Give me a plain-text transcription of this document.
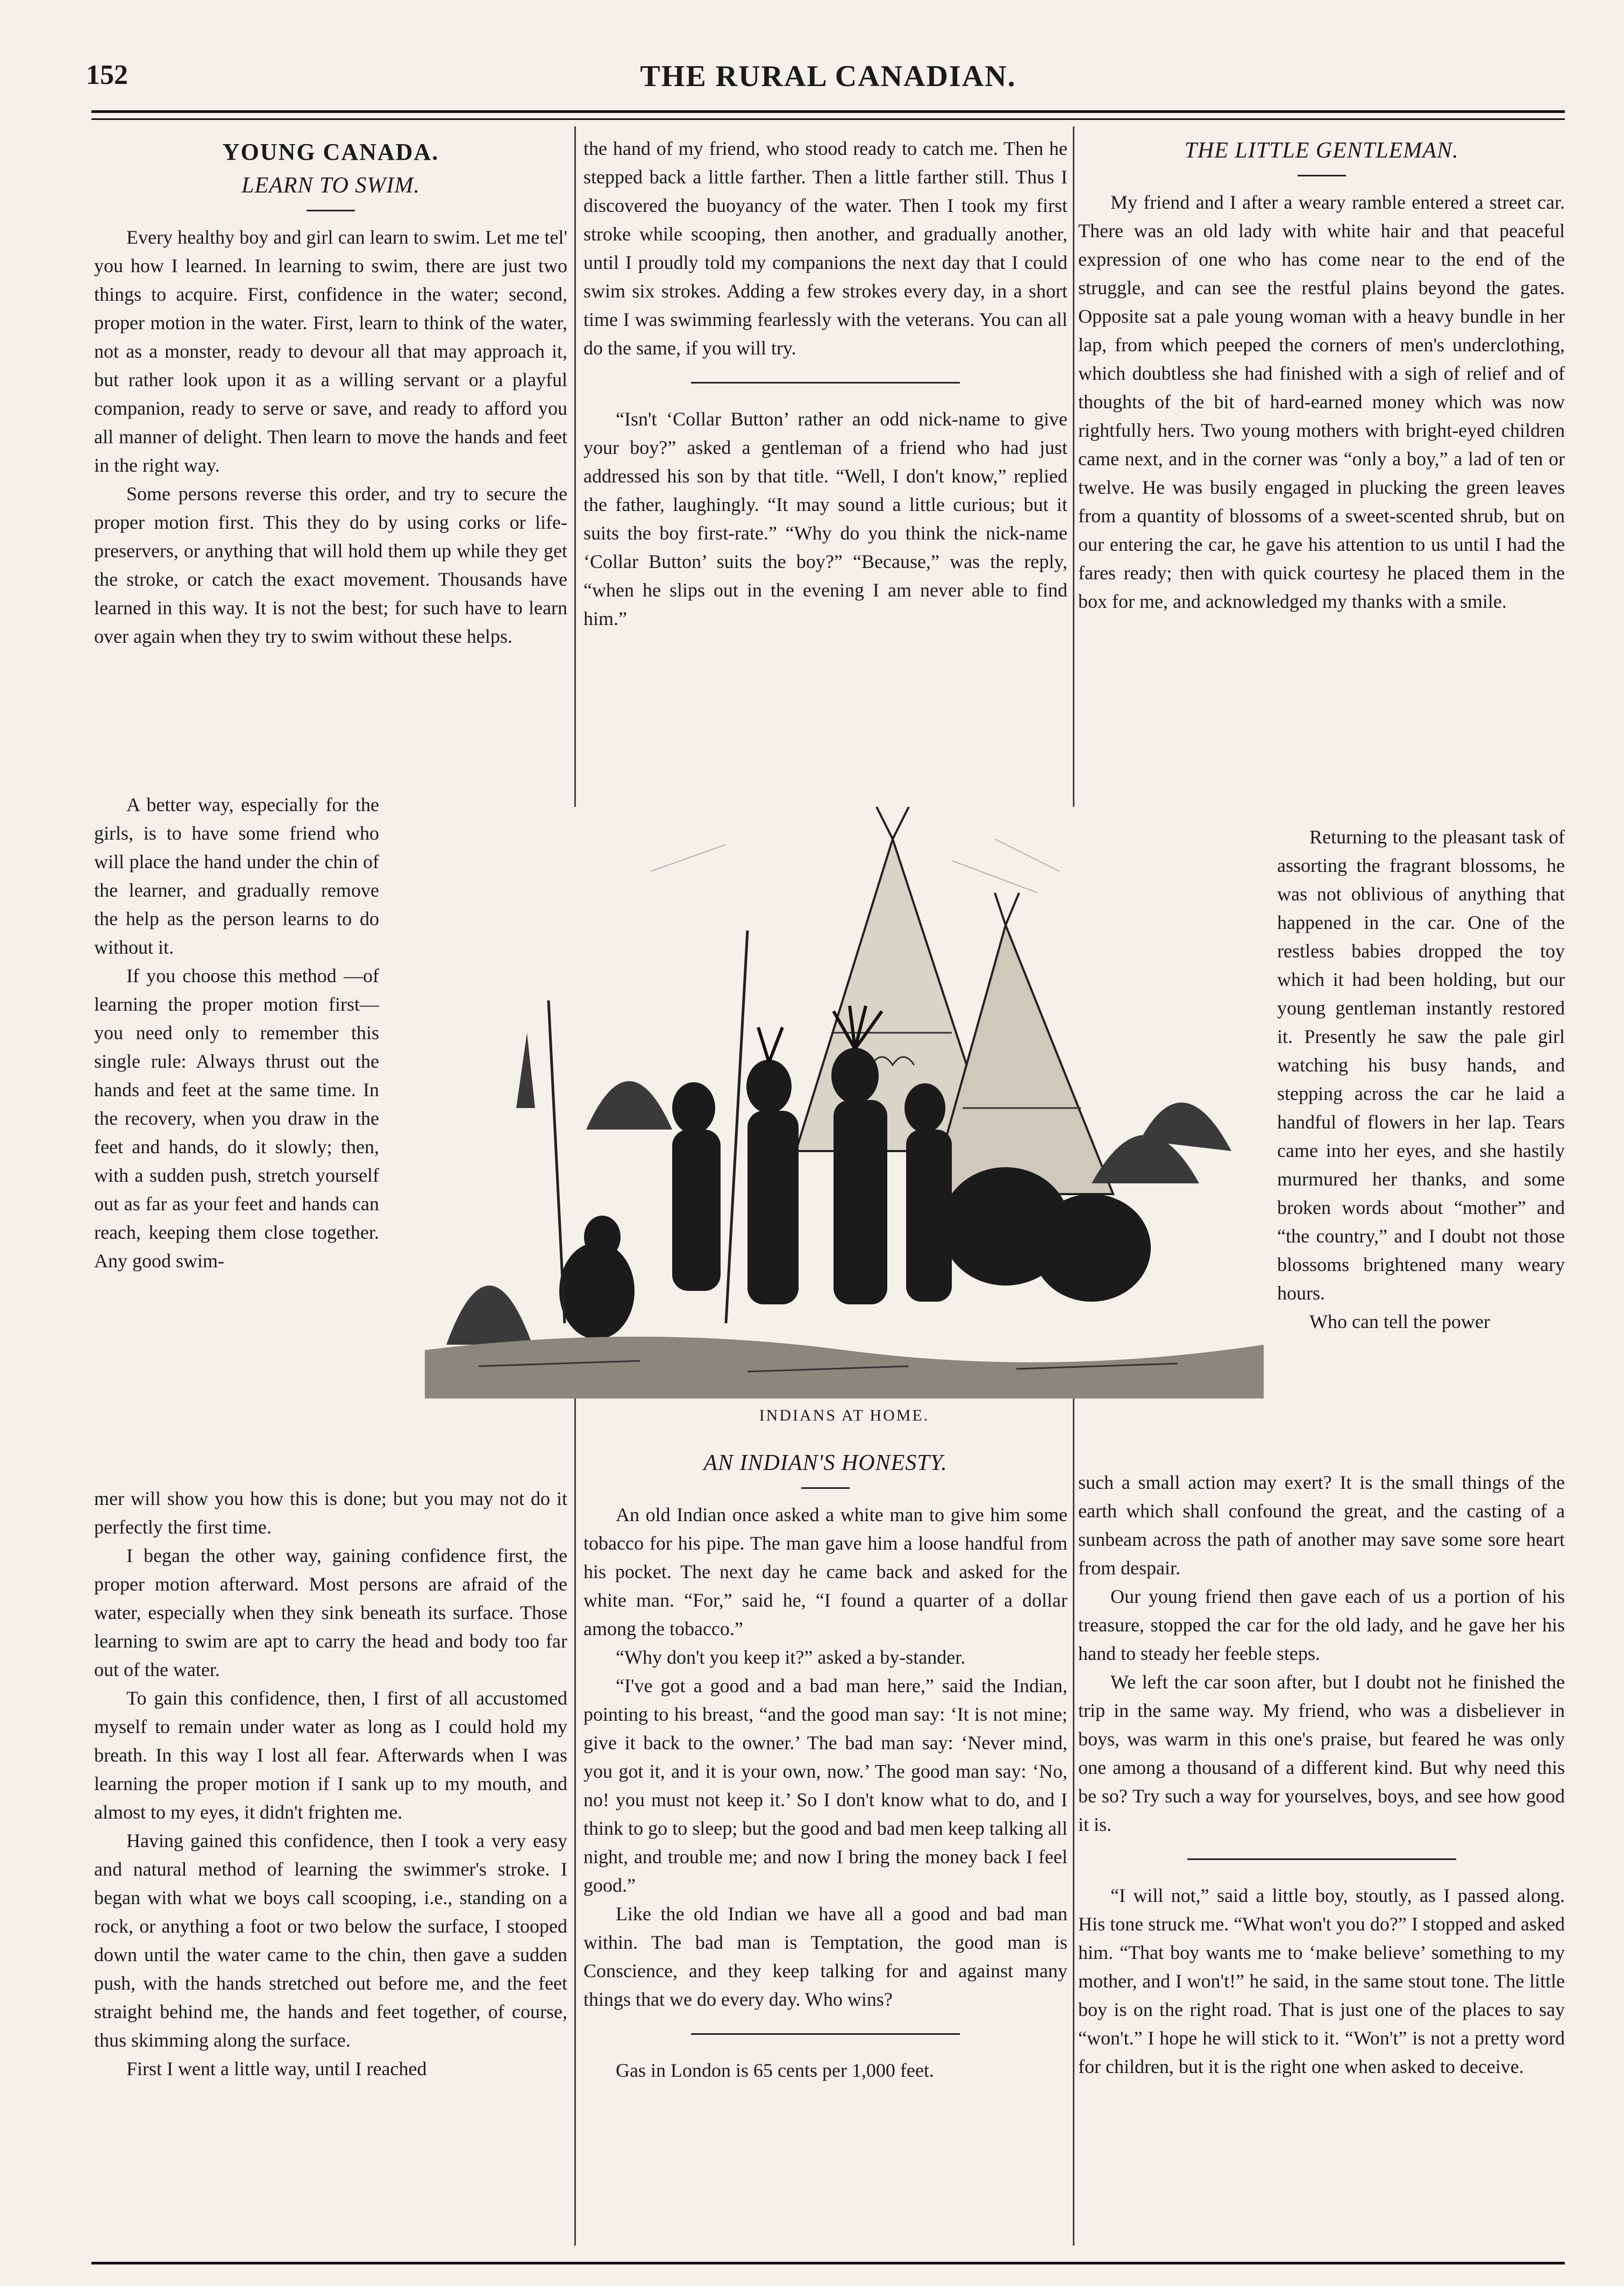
152	THE RURAL CANADIAN.
YOUNG CANADA.
LEARN TO SWIM.

Every healthy boy and girl can learn to swim. Let me tel' you how I learned. In learning to swim, there are just two things to acquire. First, confidence in the water; second, proper motion in the water. First, learn to think of the water, not as a monster, ready to devour all that may approach it, but rather look upon it as a willing servant or a playful companion, ready to serve or save, and ready to afford you all manner of delight. Then learn to move the hands and feet in the right way.

Some persons reverse this order, and try to secure the proper motion first. This they do by using corks or life-preservers, or anything that will hold them up while they get the stroke, or catch the exact movement. Thousands have learned in this way. It is not the best; for such have to learn over again when they try to swim without these helps.

A better way, especially for the girls, is to have some friend who will place the hand under the chin of the learner, and gradually remove the help as the person learns to do without it.

If you choose this method —of learning the proper motion first—you need only to remember this single rule: Always thrust out the hands and feet at the same time. In the recovery, when you draw in the feet and hands, do it slowly; then, with a sudden push, stretch yourself out as far as your feet and hands can reach, keeping them close together. Any good swim-

mer will show you how this is done; but you may not do it perfectly the first time.

I began the other way, gaining confidence first, the proper motion afterward. Most persons are afraid of the water, especially when they sink beneath its surface. Those learning to swim are apt to carry the head and body too far out of the water.

To gain this confidence, then, I first of all accustomed myself to remain under water as long as I could hold my breath. In this way I lost all fear. Afterwards when I was learning the proper motion if I sank up to my mouth, and almost to my eyes, it didn't frighten me.

Having gained this confidence, then I took a very easy and natural method of learning the swimmer's stroke. I began with what we boys call scooping, i.e., standing on a rock, or anything a foot or two below the surface, I stooped down until the water came to the chin, then gave a sudden push, with the hands stretched out before me, and the feet straight behind me, the hands and feet together, of course, thus skimming along the surface.

First I went a little way, until I reached

the hand of my friend, who stood ready to catch me. Then he stepped back a little farther. Then a little farther still. Thus I discovered the buoyancy of the water. Then I took my first stroke while scooping, then another, and gradually another, until I proudly told my companions the next day that I could swim six strokes. Adding a few strokes every day, in a short time I was swimming fearlessly with the veterans. You can all do the same, if you will try.

“Isn't ‘Collar Button’ rather an odd nick-name to give your boy?” asked a gentleman of a friend who had just addressed his son by that title. “Well, I don't know,” replied the father, laughingly. “It may sound a little curious; but it suits the boy first-rate.” “Why do you think the nick-name ‘Collar Button’ suits the boy?” “Because,” was the reply, “when he slips out in the evening I am never able to find him.”

INDIANS AT HOME.
AN INDIAN'S HONESTY.

An old Indian once asked a white man to give him some tobacco for his pipe. The man gave him a loose handful from his pocket. The next day he came back and asked for the white man. “For,” said he, “I found a quarter of a dollar among the tobacco.”

“Why don't you keep it?” asked a by-stander.

“I've got a good and a bad man here,” said the Indian, pointing to his breast, “and the good man say: ‘It is not mine; give it back to the owner.’ The bad man say: ‘Never mind, you got it, and it is your own, now.’ The good man say: ‘No, no! you must not keep it.’ So I don't know what to do, and I think to go to sleep; but the good and bad men keep talking all night, and trouble me; and now I bring the money back I feel good.”

Like the old Indian we have all a good and bad man within. The bad man is Temptation, the good man is Conscience, and they keep talking for and against many things that we do every day. Who wins?

Gas in London is 65 cents per 1,000 feet.

THE LITTLE GENTLEMAN.

My friend and I after a weary ramble entered a street car. There was an old lady with white hair and that peaceful expression of one who has come near to the end of the struggle, and can see the restful plains beyond the gates. Opposite sat a pale young woman with a heavy bundle in her lap, from which peeped the corners of men's underclothing, which doubtless she had finished with a sigh of relief and of thoughts of the bit of hard-earned money which was now rightfully hers. Two young mothers with bright-eyed children came next, and in the corner was “only a boy,” a lad of ten or twelve. He was busily engaged in plucking the green leaves from a quantity of blossoms of a sweet-scented shrub, but on our entering the car, he gave his attention to us until I had the fares ready; then with quick courtesy he placed them in the box for me, and acknowledged my thanks with a smile.

Returning to the pleasant task of assorting the fragrant blossoms, he was not oblivious of anything that happened in the car. One of the restless babies dropped the toy which it had been holding, but our young gentleman instantly restored it. Presently he saw the pale girl watching his busy hands, and stepping across the car he laid a handful of flowers in her lap. Tears came into her eyes, and she hastily murmured her thanks, and some broken words about “mother” and “the country,” and I doubt not those blossoms brightened many weary hours.

Who can tell the power

such a small action may exert? It is the small things of the earth which shall confound the great, and the casting of a sunbeam across the path of another may save some sore heart from despair.

Our young friend then gave each of us a portion of his treasure, stopped the car for the old lady, and he gave her his hand to steady her feeble steps.

We left the car soon after, but I doubt not he finished the trip in the same way. My friend, who was a disbeliever in boys, was warm in this one's praise, but feared he was only one among a thousand of a different kind. But why need this be so? Try such a way for yourselves, boys, and see how good it is.

“I will not,” said a little boy, stoutly, as I passed along. His tone struck me. “What won't you do?” I stopped and asked him. “That boy wants me to ‘make believe’ something to my mother, and I won't!” he said, in the same stout tone. The little boy is on the right road. That is just one of the places to say “won't.” I hope he will stick to it. “Won't” is not a pretty word for children, but it is the right one when asked to deceive.
